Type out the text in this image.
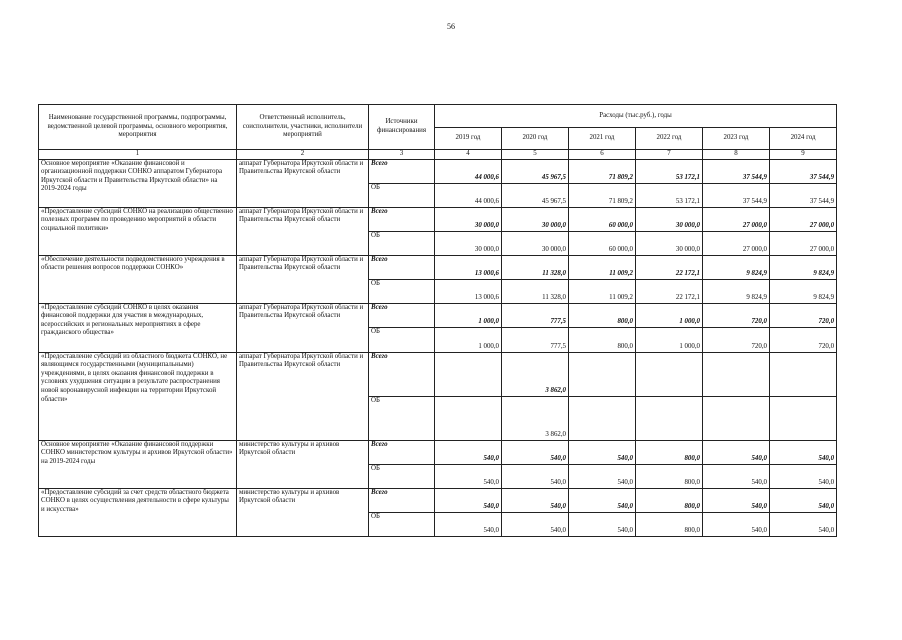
56
Наименование государственной программы, подпрограммы, ведомственной целевой программы, основного мероприятия, мероприятия	Ответственный исполнитель, соисполнители, участники, исполнители мероприятий	Источники финансирования	Расходы (тыс.руб.), годы					
			2019 год	2020 год	2021 год	2022 год	2023 год	2024 год
1	2	3	4	5	6	7	8	9
Основное мероприятие «Оказание финансовой и организационной поддержки СОНКО аппаратом Губернатора Иркутской области и Правительства Иркутской области» на 2019-2024 годы	аппарат Губернатора Иркутской области и Правительства Иркутской области	Всего	44 000,6	45 967,5	71 809,2	53 172,1	37 544,9	37 544,9
		ОБ	44 000,6	45 967,5	71 809,2	53 172,1	37 544,9	37 544,9
«Предоставление субсидий СОНКО на реализацию общественно полезных программ по проведению мероприятий в области социальной политики»	аппарат Губернатора Иркутской области и Правительства Иркутской области	Всего	30 000,0	30 000,0	60 000,0	30 000,0	27 000,0	27 000,0
		ОБ	30 000,0	30 000,0	60 000,0	30 000,0	27 000,0	27 000,0
«Обеспечение деятельности подведомственного учреждения в области решения вопросов поддержки СОНКО»	аппарат Губернатора Иркутской области и Правительства Иркутской области	Всего	13 000,6	11 328,0	11 009,2	22 172,1	9 824,9	9 824,9
		ОБ	13 000,6	11 328,0	11 009,2	22 172,1	9 824,9	9 824,9
«Предоставление субсидий СОНКО в целях оказания финансовой поддержки для участия в международных, всероссийских и региональных мероприятиях в сфере гражданского общества»	аппарат Губернатора Иркутской области и Правительства Иркутской области	Всего	1 000,0	777,5	800,0	1 000,0	720,0	720,0
		ОБ	1 000,0	777,5	800,0	1 000,0	720,0	720,0
«Предоставление субсидий из областного бюджета СОНКО, не являющимся государственными (муниципальными) учреждениями, в целях оказания финансовой поддержки в условиях ухудшения ситуации в результате распространения новой коронавирусной инфекции на территории Иркутской области»	аппарат Губернатора Иркутской области и Правительства Иркутской области	Всего		3 862,0				
		ОБ		3 862,0				
Основное мероприятие «Оказание финансовой поддержки СОНКО министерством культуры и архивов Иркутской области» на 2019-2024 годы	министерство культуры и архивов Иркутской области	Всего	540,0	540,0	540,0	800,0	540,0	540,0
		ОБ	540,0	540,0	540,0	800,0	540,0	540,0
«Предоставление субсидий за счет средств областного бюджета СОНКО в целях осуществления деятельности в сфере культуры и искусства»	министерство культуры и архивов Иркутской области	Всего	540,0	540,0	540,0	800,0	540,0	540,0
		ОБ	540,0	540,0	540,0	800,0	540,0	540,0
